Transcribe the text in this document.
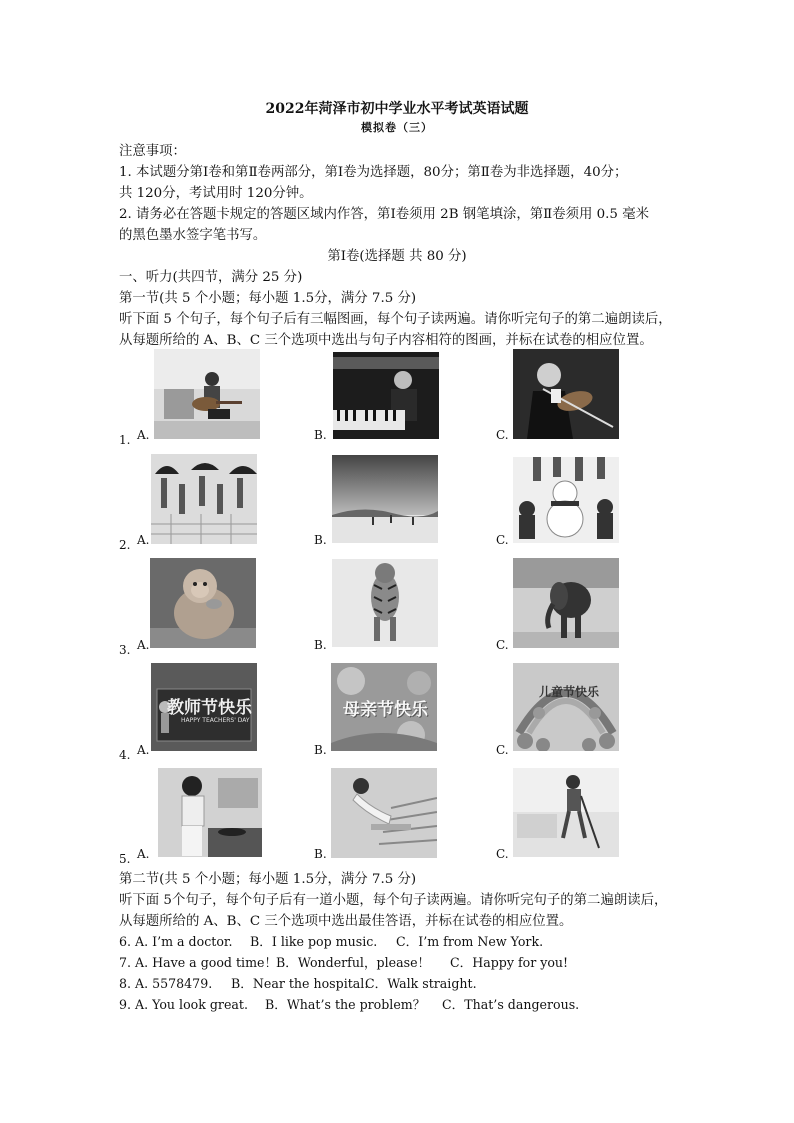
2022年菏泽市初中学业水平考试英语试题
模拟卷（三）
注意事项：
1. 本试题分第Ⅰ卷和第Ⅱ卷两部分，第Ⅰ卷为选择题，80分；第Ⅱ卷为非选择题，40分；
共 120分，考试用时 120分钟。
2. 请务必在答题卡规定的答题区域内作答，第Ⅰ卷须用 2B 钢笔填涂，第Ⅱ卷须用 0.5 毫米
的黑色墨水签字笔书写。
第Ⅰ卷(选择题 共 80 分)
一、听力(共四节，满分 25 分)
第一节(共 5 个小题；每小题 1.5分，满分 7.5 分)
听下面 5 个句子，每个句子后有三幅图画，每个句子读两遍。请你听完句子的第二遍朗读后，
从每题所给的 A、B、C 三个选项中选出与句子内容相符的图画，并标在试卷的相应位置。
1. A.	B.	C.
2. A.	B.	C.
3. A.	B.	C.
4. A.
教师节快乐
HAPPY TEACHERS' DAY
B.
母亲节快乐
C.
儿童节快乐
5. A.	B.	C.
第二节(共 5 个小题；每小题 1.5分，满分 7.5 分)
听下面 5个句子，每个句子后有一道小题，每个句子读两遍。请你听完句子的第二遍朗读后，
从每题所给的 A、B、C 三个选项中选出最佳答语，并标在试卷的相应位置。
6. A. I’m a doctor. B．I like pop music. C．I’m from New York.
7. A. Have a good time！B．Wonderful，please！ C．Happy for you!
8. A. 5578479. B．Near the hospital.C．Walk straight.
9. A. You look great. B．What’s the problem？ C．That’s dangerous.
